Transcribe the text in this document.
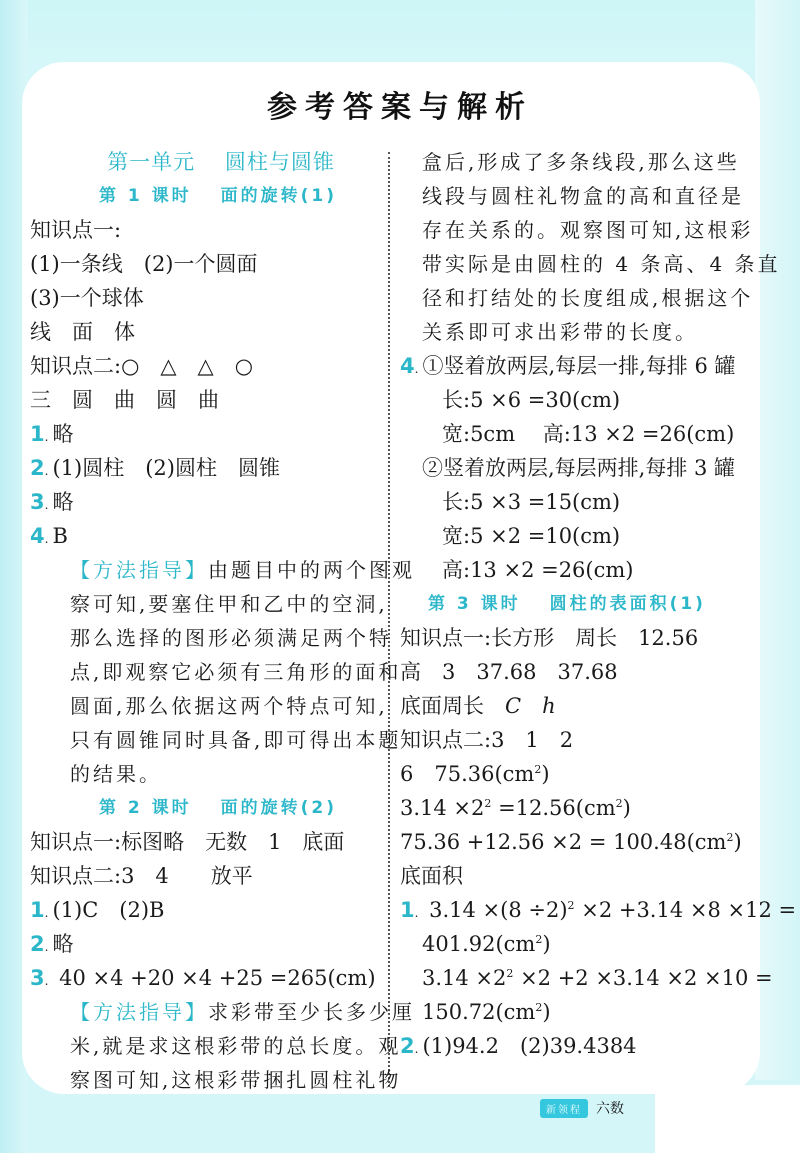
参考答案与解析
第一单元　 圆柱与圆锥
第 1 课时　 面的旋转(1)
知识点一:
(1)一条线　(2)一个圆面
(3)一个球体
线　面　体
知识点二:○　△　△　○
三　圆　曲　圆　曲
1. 略
2. (1)圆柱　(2)圆柱　圆锥
3. 略
4. B
【方法指导】由题目中的两个图观
察可知,要塞住甲和乙中的空洞,
那么选择的图形必须满足两个特
点,即观察它必须有三角形的面和
圆面,那么依据这两个特点可知,
只有圆锥同时具备,即可得出本题
的结果。
第 2 课时　 面的旋转(2)
知识点一:标图略　无数　1　底面
知识点二:3　4　　放平
1. (1)C　(2)B
2. 略
3. 40 ×4 +20 ×4 +25 =265(cm)
【方法指导】求彩带至少长多少厘
米,就是求这根彩带的总长度。观
察图可知,这根彩带捆扎圆柱礼物
盒后,形成了多条线段,那么这些
线段与圆柱礼物盒的高和直径是
存在关系的。观察图可知,这根彩
带实际是由圆柱的 4 条高、4 条直
径和打结处的长度组成,根据这个
关系即可求出彩带的长度。
4. ①竖着放两层,每层一排,每排 6 罐
长:5 ×6 =30(cm)
宽:5cm　 高:13 ×2 =26(cm)
②竖着放两层,每层两排,每排 3 罐
长:5 ×3 =15(cm)
宽:5 ×2 =10(cm)
高:13 ×2 =26(cm)
第 3 课时　 圆柱的表面积(1)
知识点一:长方形　周长　12.56
高　3　37.68　37.68
底面周长　C　 h
知识点二:3　1　2
6　$75.36(cm^2)$
$3.14 \times 2^2 =12.56(cm^2)$
$75.36 +12.56 \times 2 = 100.48(cm^2)$
底面积
1. $3.14 \times(8 \div 2)^2 \times 2 +3.14 \times 8 \times 12$ =
$401.92(cm^2)$
$3.14 \times 2^2 \times 2 +2 \times 3.14 \times 2 \times 10$ =
$150.72(cm^2)$
2. (1)94.2　(2)39.4384
新领程	六数
